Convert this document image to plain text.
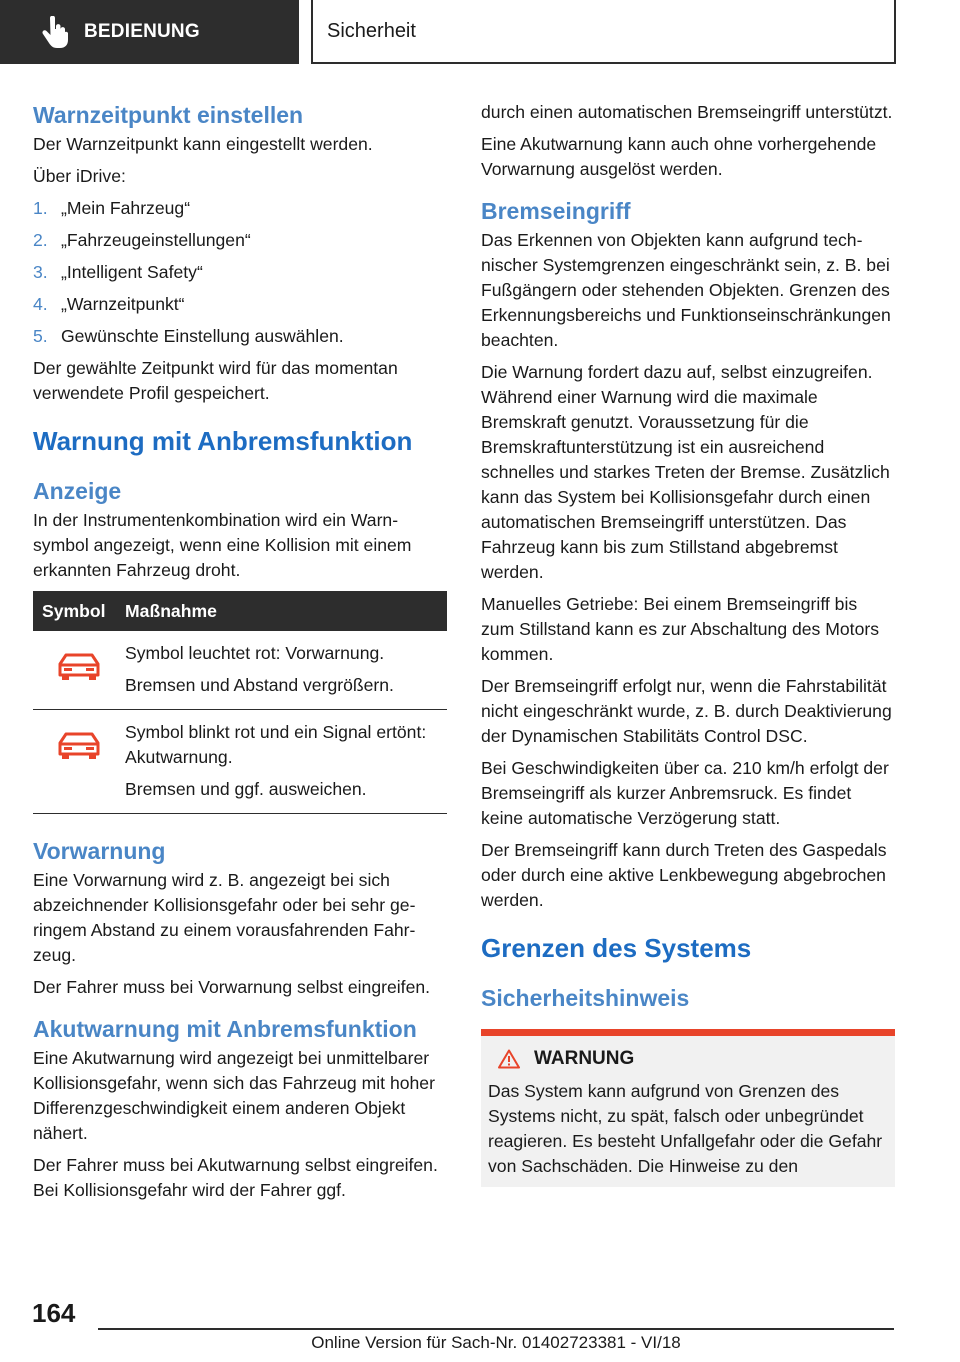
BEDIENUNG	Sicherheit
Warnzeitpunkt einstellen

Der Warnzeitpunkt kann eingestellt werden.

Über iDrive:

1. „Mein Fahrzeug“
2. „Fahrzeugeinstellungen“
3. „Intelligent Safety“
4. „Warnzeitpunkt“
5. Gewünschte Einstellung auswählen.

Der gewählte Zeitpunkt wird für das momentan verwendete Profil gespeichert.

Warnung mit Anbremsfunktion
Anzeige

In der Instrumentenkombination wird ein Warnsymbol angezeigt, wenn eine Kollision mit einem erkannten Fahrzeug droht.

Symbol	Maßnahme

Symbol leuchtet rot: Vorwarnung.

Bremsen und Abstand vergrößern.

Symbol blinkt rot und ein Signal ertönt: Akutwarnung.

Bremsen und ggf. ausweichen.

Vorwarnung

Eine Vorwarnung wird z. B. angezeigt bei sich abzeichnender Kollisionsgefahr oder bei sehr geringem Abstand zu einem vorausfahrenden Fahrzeug.

Der Fahrer muss bei Vorwarnung selbst eingreifen.

Akutwarnung mit Anbremsfunktion

Eine Akutwarnung wird angezeigt bei unmittelbarer Kollisionsgefahr, wenn sich das Fahrzeug mit hoher Differenzgeschwindigkeit einem anderen Objekt nähert.

Der Fahrer muss bei Akutwarnung selbst eingreifen. Bei Kollisionsgefahr wird der Fahrer ggf.

durch einen automatischen Bremseingriff unterstützt.

Eine Akutwarnung kann auch ohne vorhergehende Vorwarnung ausgelöst werden.

Bremseingriff

Das Erkennen von Objekten kann aufgrund technischer Systemgrenzen eingeschränkt sein, z. B. bei Fußgängern oder stehenden Objekten. Grenzen des Erkennungsbereichs und Funktionseinschränkungen beachten.

Die Warnung fordert dazu auf, selbst einzugreifen. Während einer Warnung wird die maximale Bremskraft genutzt. Voraussetzung für die Bremskraftunterstützung ist ein ausreichend schnelles und starkes Treten der Bremse. Zusätzlich kann das System bei Kollisionsgefahr durch einen automatischen Bremseingriff unterstützen. Das Fahrzeug kann bis zum Stillstand abgebremst werden.

Manuelles Getriebe: Bei einem Bremseingriff bis zum Stillstand kann es zur Abschaltung des Motors kommen.

Der Bremseingriff erfolgt nur, wenn die Fahrstabilität nicht eingeschränkt wurde, z. B. durch Deaktivierung der Dynamischen Stabilitäts Control DSC.

Bei Geschwindigkeiten über ca. 210 km/h erfolgt der Bremseingriff als kurzer Anbremsruck. Es findet keine automatische Verzögerung statt.

Der Bremseingriff kann durch Treten des Gaspedals oder durch eine aktive Lenkbewegung abgebrochen werden.

Grenzen des Systems
Sicherheitshinweis
WARNUNG

Das System kann aufgrund von Grenzen des Systems nicht, zu spät, falsch oder unbegründet reagieren. Es besteht Unfallgefahr oder die Gefahr von Sachschäden. Die Hinweise zu den

164
Online Version für Sach-Nr. 01402723381 - VI/18
